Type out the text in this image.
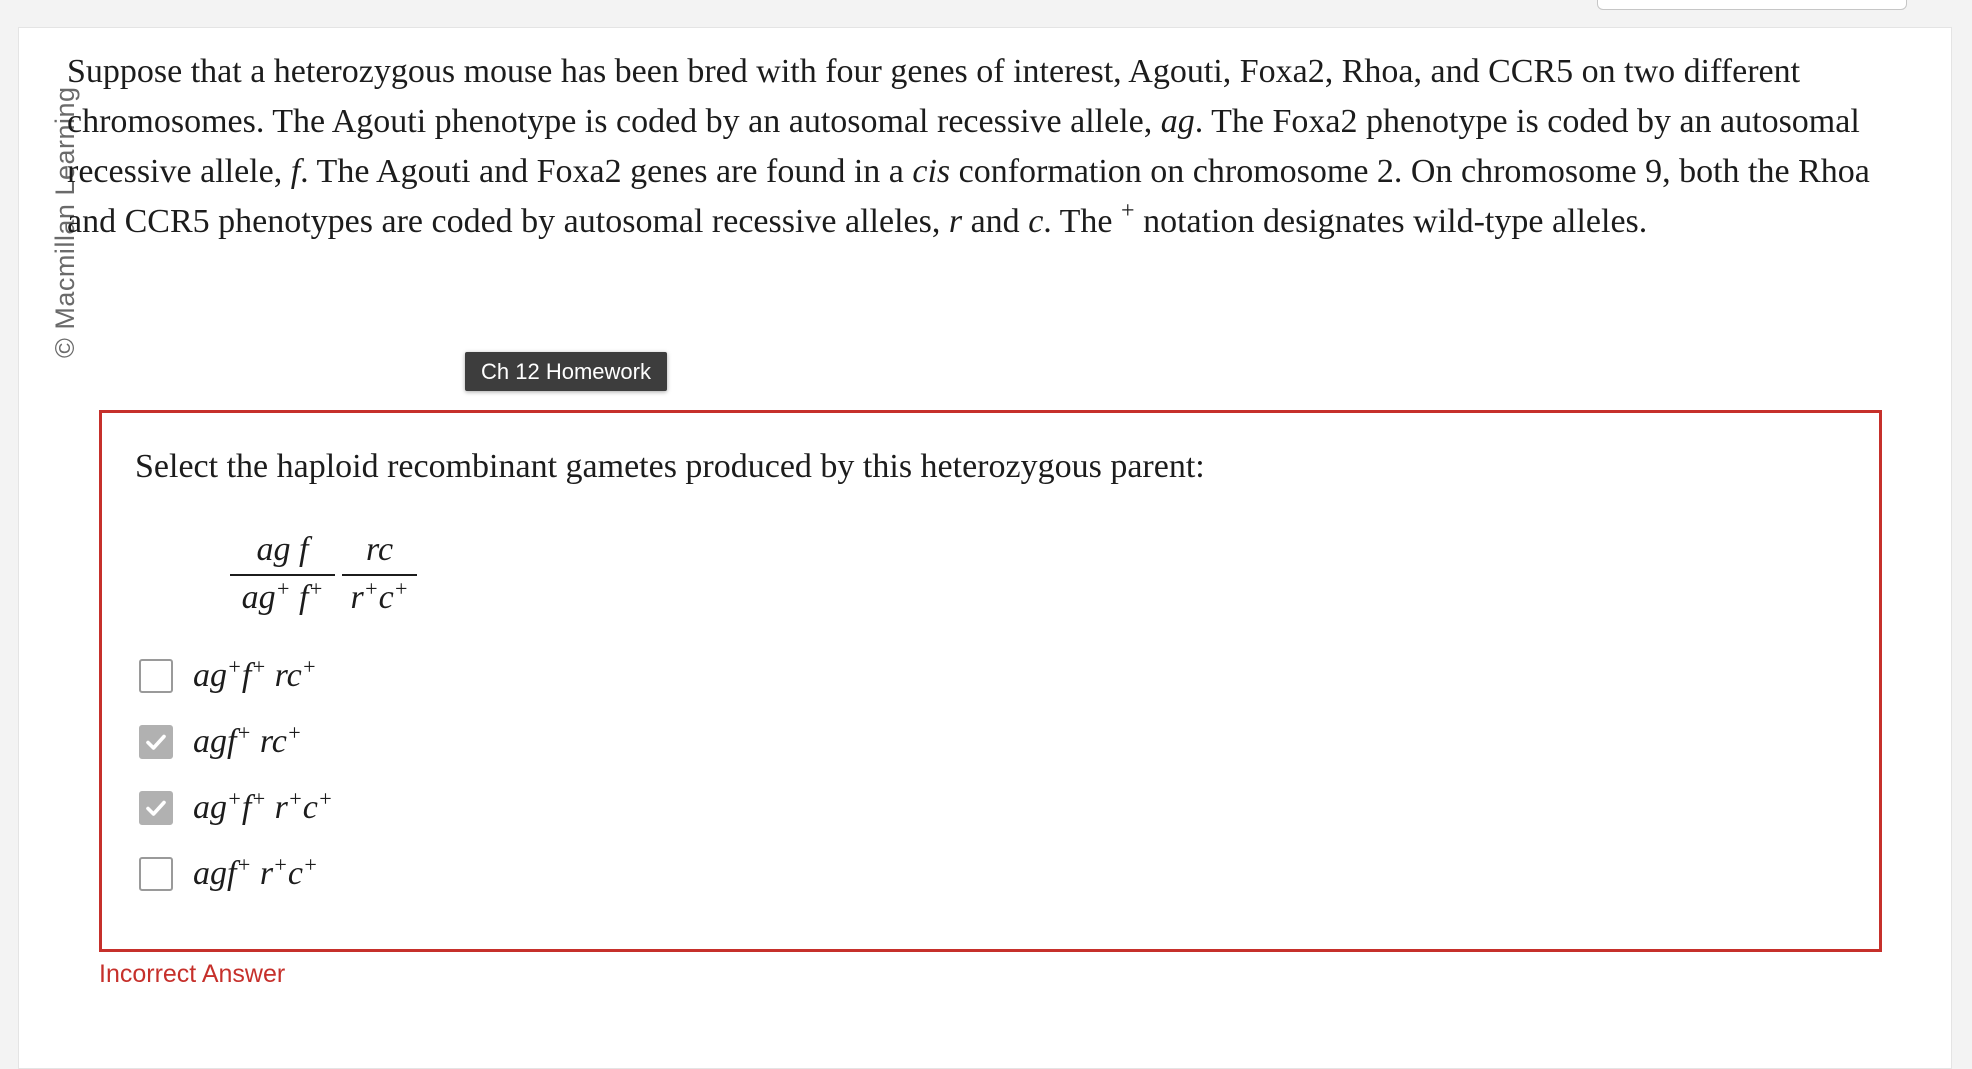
© Macmillan Learning
Suppose that a heterozygous mouse has been bred with four genes of interest, Agouti, Foxa2, Rhoa, and CCR5 on two different chromosomes. The Agouti phenotype is coded by an autosomal recessive allele, ag. The Foxa2 phenotype is coded by an autosomal recessive allele, f. The Agouti and Foxa2 genes are found in a cis conformation on chromosome 2. On chromosome 9, both the Rhoa and CCR5 phenotypes are coded by autosomal recessive alleles, r and c. The + notation designates wild-type alleles.
Ch 12 Homework
Select the haploid recombinant gametes produced by this heterozygous parent:
$\frac{\text{ag f}}{ag^+ f^+} \frac{rc}{r^+c^+}$
ag+f+ rc+
agf+ rc+
ag+f+ r+c+
agf+ r+c+
Incorrect Answer
